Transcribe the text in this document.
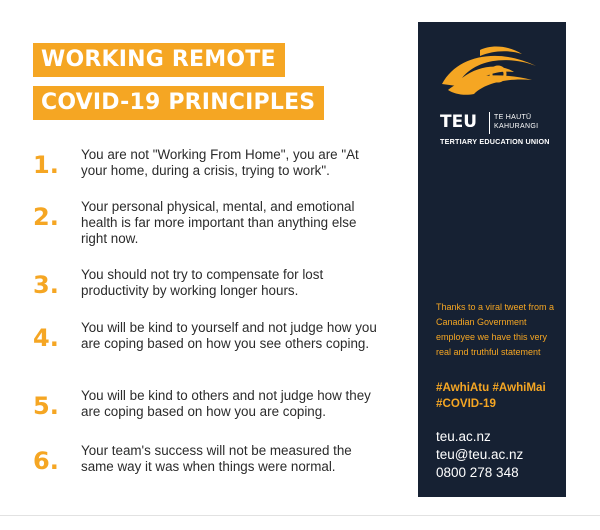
WORKING REMOTE
COVID-19 PRINCIPLES
1. You are not "Working From Home", you are "At your home, during a crisis, trying to work".
2. Your personal physical, mental, and emotional health is far more important than anything else right now.
3. You should not try to compensate for lost productivity by working longer hours.
4. You will be kind to yourself and not judge how you are coping based on how you see others coping.
5. You will be kind to others and not judge how they are coping based on how you are coping.
6. Your team's success will not be measured the same way it was when things were normal.
TEU TE HAUTŪ
KAHURANGI
TERTIARY EDUCATION UNION
Thanks to a viral tweet from a Canadian Government employee we have this very real and truthful statement
#AwhiAtu #AwhiMai #COVID-19
teu.ac.nz
teu@teu.ac.nz
0800 278 348
